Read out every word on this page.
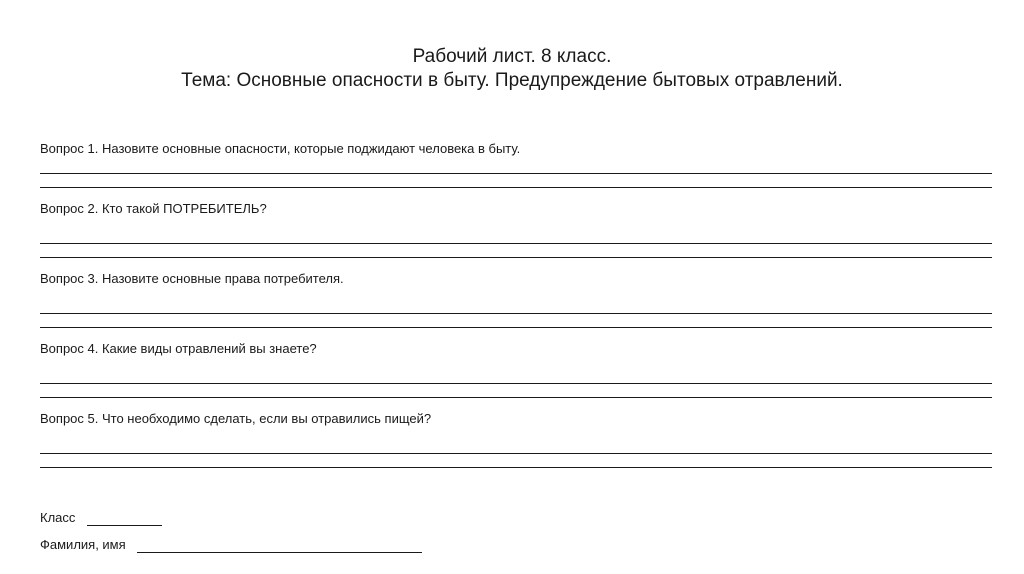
Рабочий лист. 8 класс.
Тема: Основные опасности в быту. Предупреждение бытовых отравлений.
Вопрос 1. Назовите основные опасности, которые поджидают человека в быту.
Вопрос 2. Кто такой ПОТРЕБИТЕЛЬ?
Вопрос 3. Назовите основные права потребителя.
Вопрос 4. Какие виды отравлений вы знаете?
Вопрос 5. Что необходимо сделать, если вы отравились пищей?
Класс
Фамилия, имя
